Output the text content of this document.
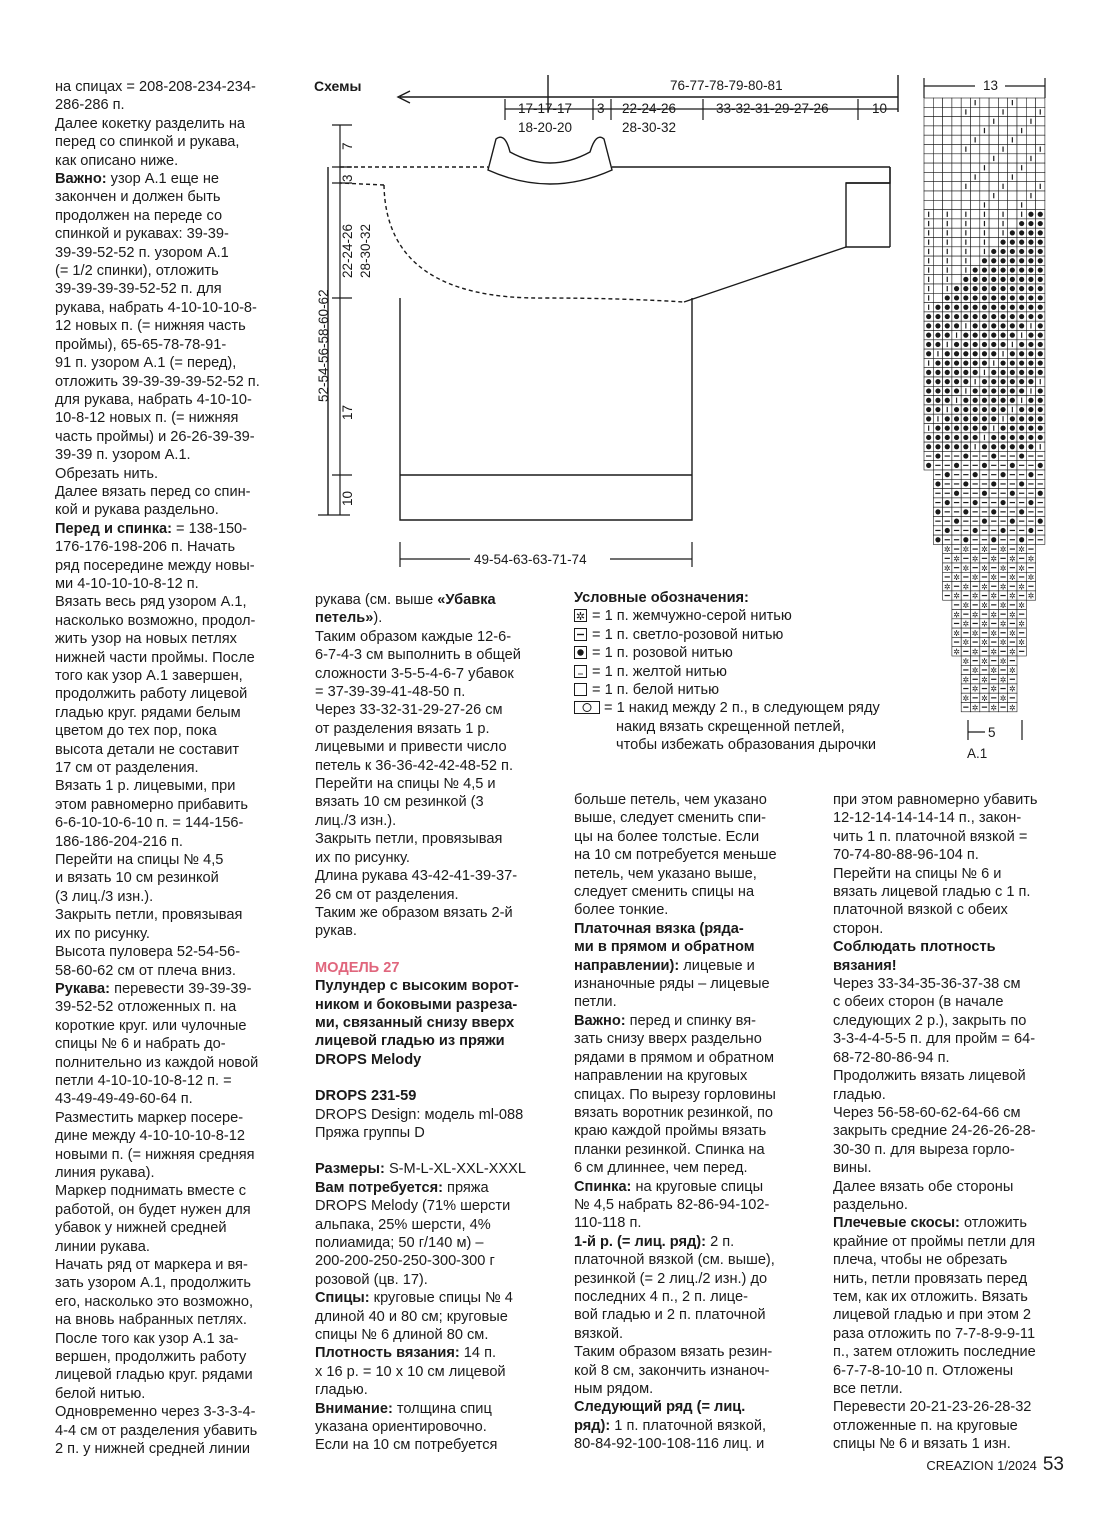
на спицах = 208-208-234-234-

286-286 п.

Далее кокетку разделить на

перед со спинкой и рукава,

как описано ниже.

Важно: узор А.1 еще не

закончен и должен быть

продолжен на переде со

спинкой и рукавах: 39-39-

39-39-52-52 п. узором А.1

(= 1/2 спинки), отложить

39-39-39-39-52-52 п. для

рукава, набрать 4-10-10-10-8-

12 новых п. (= нижняя часть

проймы), 65-65-78-78-91-

91 п. узором А.1 (= перед),

отложить 39-39-39-39-52-52 п.

для рукава, набрать 4-10-10-

10-8-12 новых п. (= нижняя

часть проймы) и 26-26-39-39-

39-39 п. узором А.1.

Обрезать нить.

Далее вязать перед со спин-

кой и рукава раздельно.

Перед и спинка: = 138-150-

176-176-198-206 п. Начать

ряд посередине между новы-

ми 4-10-10-10-8-12 п.

Вязать весь ряд узором А.1,

насколько возможно, продол-

жить узор на новых петлях

нижней части проймы. После

того как узор А.1 завершен,

продолжить работу лицевой

гладью круг. рядами белым

цветом до тех пор, пока

высота детали не составит

17 см от разделения.

Вязать 1 р. лицевыми, при

этом равномерно прибавить

6-6-10-10-6-10 п. = 144-156-

186-186-204-216 п.

Перейти на спицы № 4,5

и вязать 10 см резинкой

(3 лиц./3 изн.).

Закрыть петли, провязывая

их по рисунку.

Высота пуловера 52-54-56-

58-60-62 см от плеча вниз.

Рукава: перевести 39-39-39-

39-52-52 отложенных п. на

короткие круг. или чулочные

спицы № 6 и набрать до-

полнительно из каждой новой

петли 4-10-10-10-8-12 п. =

43-49-49-49-60-64 п.

Разместить маркер посере-

дине между 4-10-10-10-8-12

новыми п. (= нижняя средняя

линия рукава).

Маркер поднимать вместе с

работой, он будет нужен для

убавок у нижней средней

линии рукава.

Начать ряд от маркера и вя-

зать узором А.1, продолжить

его, насколько это возможно,

на вновь набранных петлях.

После того как узор А.1 за-

вершен, продолжить работу

лицевой гладью круг. рядами

белой нитью.

Одновременно через 3-3-3-4-

4-4 см от разделения убавить

2 п. у нижней средней линии

Схемы	76-77-78-79-80-81
17-17-17
18-20-20
3 22-24-26
28-30-32
33-32-31-29-27-26	10
7
3
22-24-26 28-30-32
52-54-56-58-60-62
17
10
49-54-63-63-71-74
13
✲ ✲ ✲ ✲ ✲
✲ ✲ ✲ ✲ ✲
✲ ✲ ✲ ✲ ✲
✲ ✲ ✲ ✲ ✲
✲ ✲ ✲ ✲ ✲
✲ ✲ ✲ ✲ ✲
✲ ✲ ✲ ✲
✲ ✲ ✲ ✲
✲ ✲ ✲ ✲
✲ ✲ ✲ ✲
✲ ✲ ✲ ✲
✲ ✲ ✲ ✲
✲ ✲ ✲
✲ ✲ ✲
✲ ✲ ✲
✲ ✲ ✲
✲ ✲ ✲
✲ ✲ ✲
5
A.1
Условные обозначения:
✲ = 1 п. жемчужно-серой нитью
= 1 п. светло-розовой нитью
= 1 п. розовой нитью
= 1 п. желтой нитью
= 1 п. белой нитью
= 1 накид между 2 п., в следующем ряду
накид вязать скрещенной петлей,
чтобы избежать образования дырочки

рукава (см. выше «Убавка

петель»).

Таким образом каждые 12-6-

6-7-4-3 см выполнить в общей

сложности 3-5-5-4-6-7 убавок

= 37-39-39-41-48-50 п.

Через 33-32-31-29-27-26 см

от разделения вязать 1 р.

лицевыми и привести число

петель к 36-36-42-42-48-52 п.

Перейти на спицы № 4,5 и

вязать 10 см резинкой (3

лиц./3 изн.).

Закрыть петли, провязывая

их по рисунку.

Длина рукава 43-42-41-39-37-

26 см от разделения.

Таким же образом вязать 2-й

рукав.

МОДЕЛЬ 27

Пулундер с высоким ворот-

ником и боковыми разреза-

ми, связанный снизу вверх

лицевой гладью из пряжи

DROPS Melody

DROPS 231-59

DROPS Design: модель ml-088

Пряжа группы D

Размеры: S-M-L-XL-XXL-XXXL

Вам потребуется: пряжа

DROPS Melody (71% шерсти

альпака, 25% шерсти, 4%

полиамида; 50 г/140 м) –

200-200-250-250-300-300 г

розовой (цв. 17).

Спицы: круговые спицы № 4

длиной 40 и 80 см; круговые

спицы № 6 длиной 80 см.

Плотность вязания: 14 п.

x 16 р. = 10 x 10 см лицевой

гладью.

Внимание: толщина спиц

указана ориентировочно.

Если на 10 см потребуется

больше петель, чем указано

выше, следует сменить спи-

цы на более толстые. Если

на 10 см потребуется меньше

петель, чем указано выше,

следует сменить спицы на

более тонкие.

Платочная вязка (ряда-

ми в прямом и обратном

направлении): лицевые и

изнаночные ряды – лицевые

петли.

Важно: перед и спинку вя-

зать снизу вверх раздельно

рядами в прямом и обратном

направлении на круговых

спицах. По вырезу горловины

вязать воротник резинкой, по

краю каждой проймы вязать

планки резинкой. Спинка на

6 см длиннее, чем перед.

Спинка: на круговые спицы

№ 4,5 набрать 82-86-94-102-

110-118 п.

1-й р. (= лиц. ряд): 2 п.

платочной вязкой (см. выше),

резинкой (= 2 лиц./2 изн.) до

последних 4 п., 2 п. лице-

вой гладью и 2 п. платочной

вязкой.

Таким образом вязать резин-

кой 8 см, закончить изнаноч-

ным рядом.

Следующий ряд (= лиц.

ряд): 1 п. платочной вязкой,

80-84-92-100-108-116 лиц. и

при этом равномерно убавить

12-12-14-14-14-14 п., закон-

чить 1 п. платочной вязкой =

70-74-80-88-96-104 п.

Перейти на спицы № 6 и

вязать лицевой гладью с 1 п.

платочной вязкой с обеих

сторон.

Соблюдать плотность

вязания!

Через 33-34-35-36-37-38 см

с обеих сторон (в начале

следующих 2 р.), закрыть по

3-3-4-4-5-5 п. для пройм = 64-

68-72-80-86-94 п.

Продолжить вязать лицевой

гладью.

Через 56-58-60-62-64-66 см

закрыть средние 24-26-26-28-

30-30 п. для выреза горло-

вины.

Далее вязать обе стороны

раздельно.

Плечевые скосы: отложить

крайние от проймы петли для

плеча, чтобы не обрезать

нить, петли провязать перед

тем, как их отложить. Вязать

лицевой гладью и при этом 2

раза отложить по 7-7-8-9-9-11

п., затем отложить последние

6-7-7-8-10-10 п. Отложены

все петли.

Перевести 20-21-23-26-28-32

отложенные п. на круговые

спицы № 6 и вязать 1 изн.

CREAZION 1/2024 53
